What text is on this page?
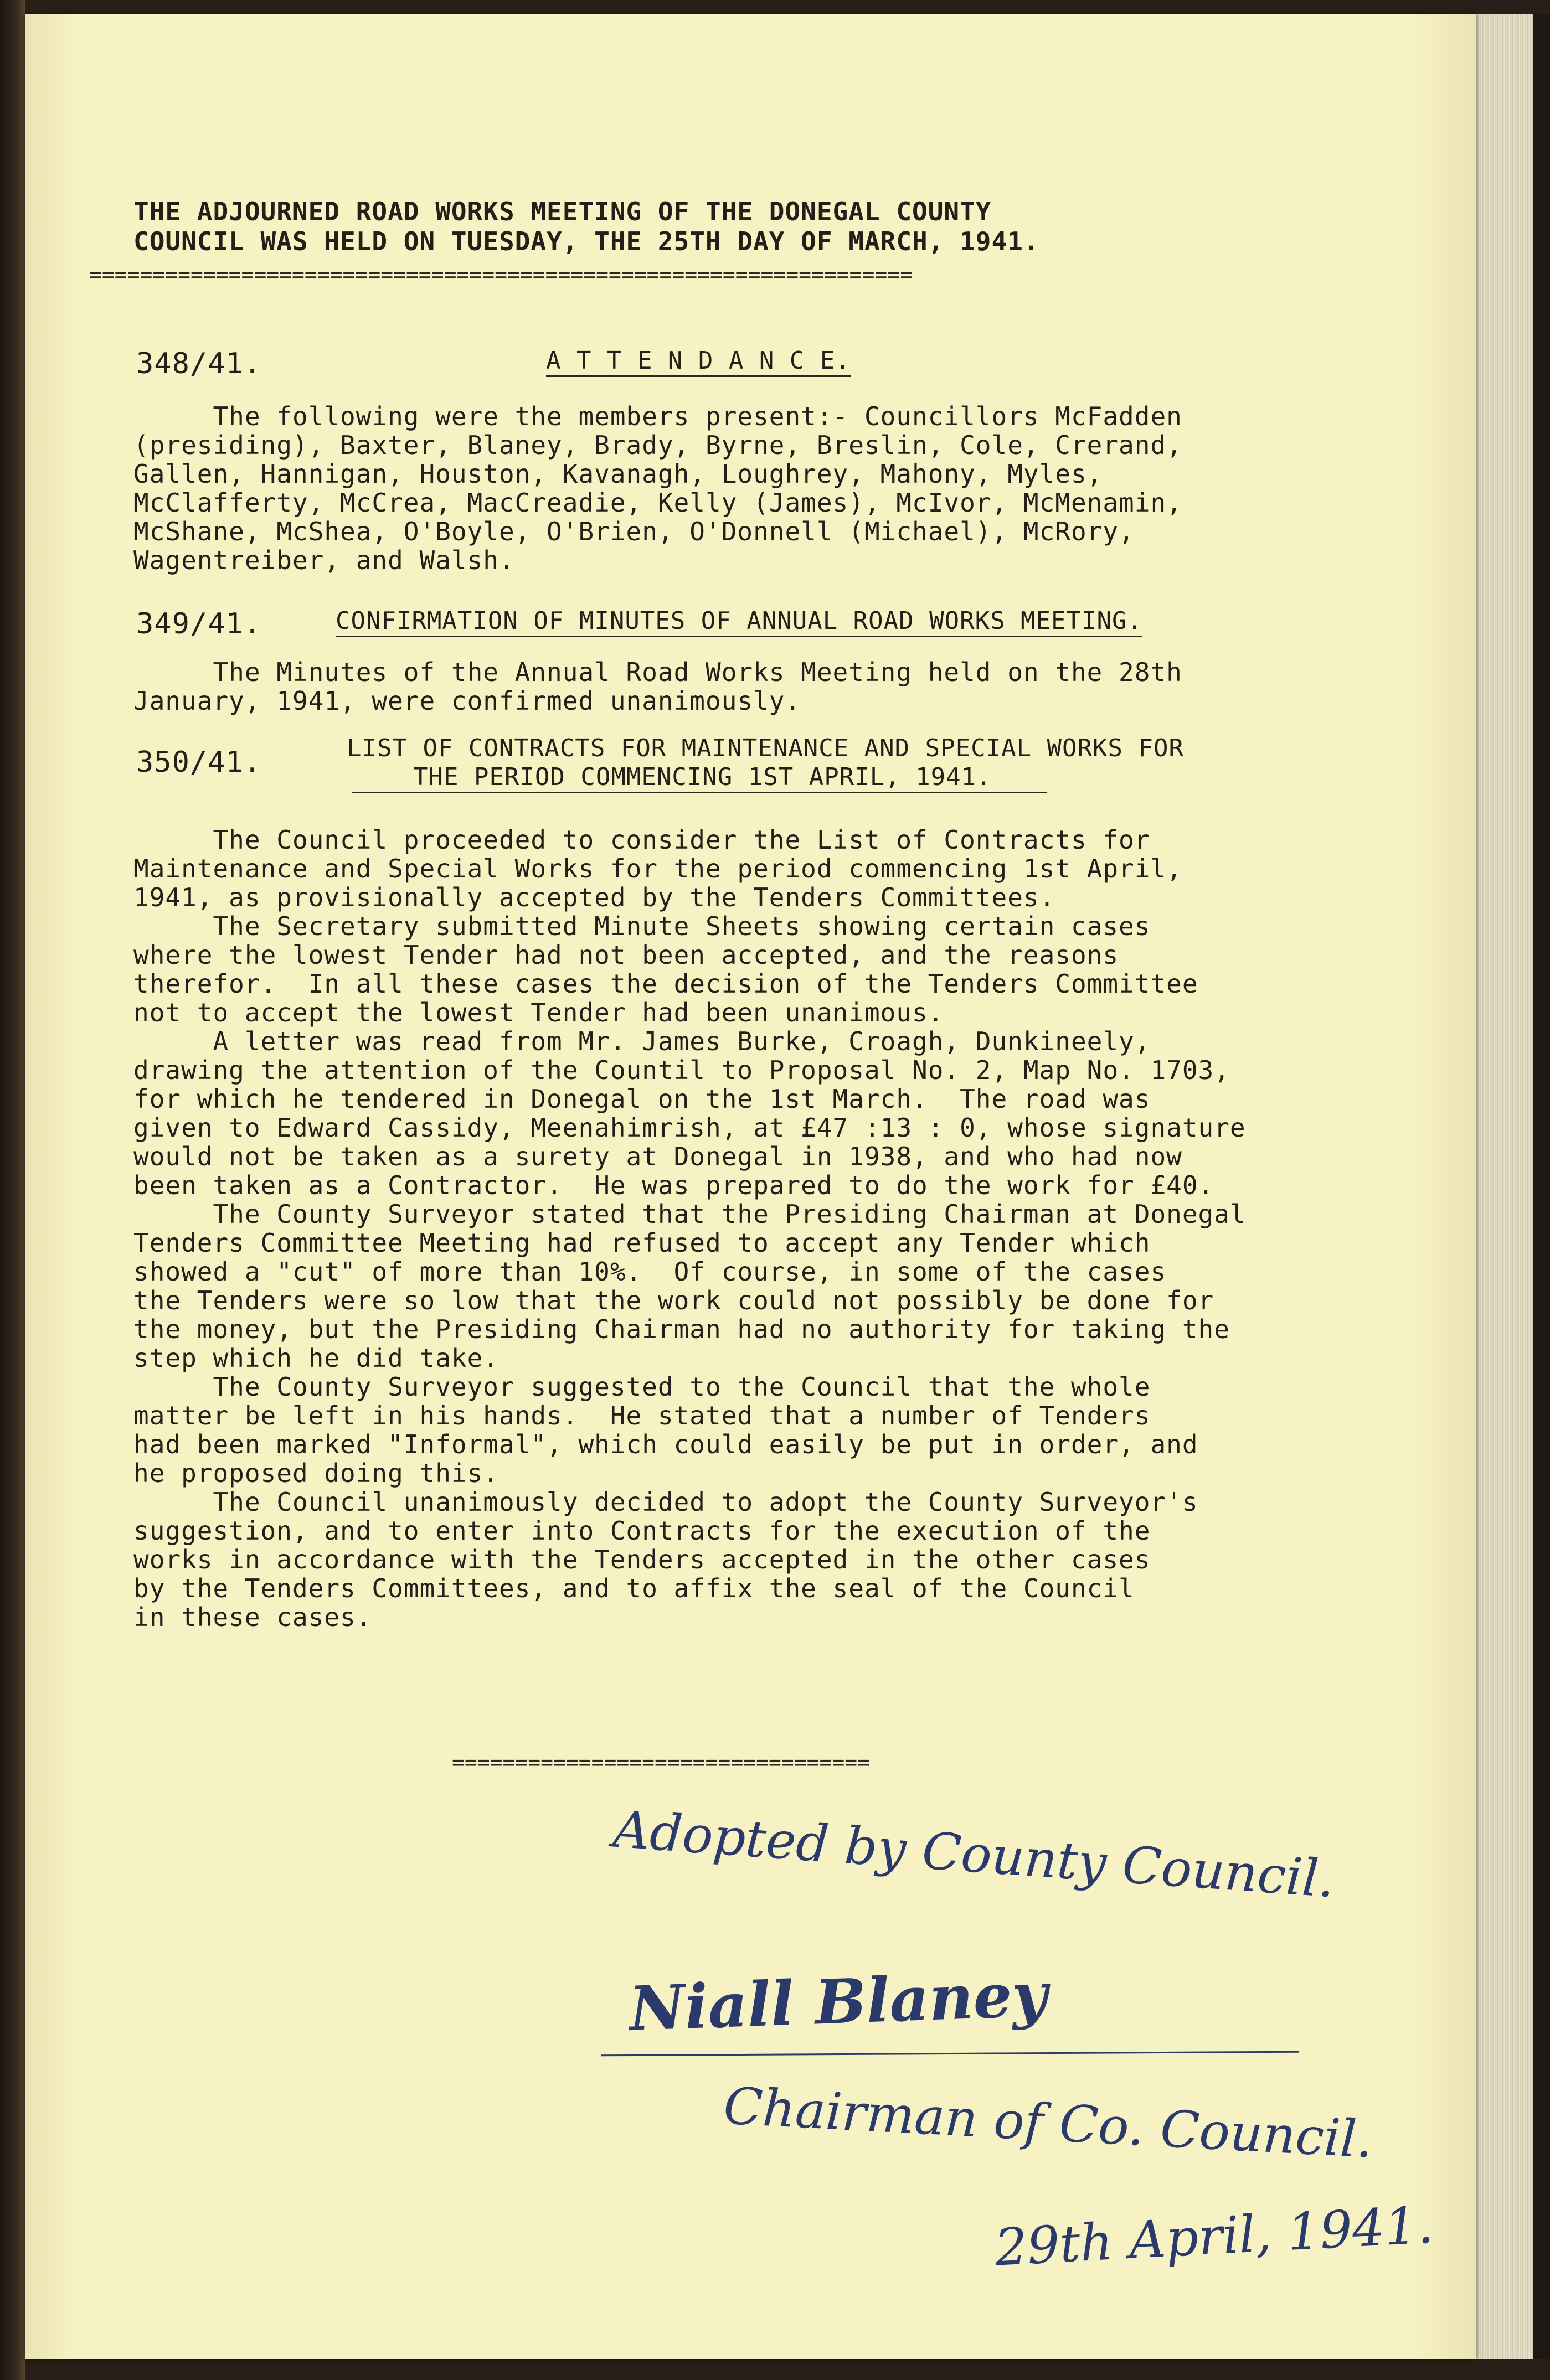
THE ADJOURNED ROAD WORKS MEETING OF THE DONEGAL COUNTY
COUNCIL WAS HELD ON TUESDAY, THE 25TH DAY OF MARCH, 1941.
=================================================================
348/41.	A T T E N D A N C E.
The following were the members present:- Councillors McFadden
(presiding), Baxter, Blaney, Brady, Byrne, Breslin, Cole, Crerand,
Gallen, Hannigan, Houston, Kavanagh, Loughrey, Mahony, Myles,
McClafferty, McCrea, MacCreadie, Kelly (James), McIvor, McMenamin,
McShane, McShea, O'Boyle, O'Brien, O'Donnell (Michael), McRory,
Wagentreiber, and Walsh.
349/41.	CONFIRMATION OF MINUTES OF ANNUAL ROAD WORKS MEETING.
The Minutes of the Annual Road Works Meeting held on the 28th
January, 1941, were confirmed unanimously.
350/41.	LIST OF CONTRACTS FOR MAINTENANCE AND SPECIAL WORKS FOR
THE PERIOD COMMENCING 1ST APRIL, 1941.
The Council proceeded to consider the List of Contracts for
Maintenance and Special Works for the period commencing 1st April,
1941, as provisionally accepted by the Tenders Committees.
The Secretary submitted Minute Sheets showing certain cases
where the lowest Tender had not been accepted, and the reasons
therefor.  In all these cases the decision of the Tenders Committee
not to accept the lowest Tender had been unanimous.
A letter was read from Mr. James Burke, Croagh, Dunkineely,
drawing the attention of the Countil to Proposal No. 2, Map No. 1703,
for which he tendered in Donegal on the 1st March.  The road was
given to Edward Cassidy, Meenahimrish, at £47 :13 : 0, whose signature
would not be taken as a surety at Donegal in 1938, and who had now
been taken as a Contractor.  He was prepared to do the work for £40.
The County Surveyor stated that the Presiding Chairman at Donegal
Tenders Committee Meeting had refused to accept any Tender which
showed a "cut" of more than 10%.  Of course, in some of the cases
the Tenders were so low that the work could not possibly be done for
the money, but the Presiding Chairman had no authority for taking the
step which he did take.
The County Surveyor suggested to the Council that the whole
matter be left in his hands.  He stated that a number of Tenders
had been marked "Informal", which could easily be put in order, and
he proposed doing this.
The Council unanimously decided to adopt the County Surveyor's
suggestion, and to enter into Contracts for the execution of the
works in accordance with the Tenders accepted in the other cases
by the Tenders Committees, and to affix the seal of the Council
in these cases.
=================================
Adopted by County Council.
Niall Blaney
Chairman of Co. Council.
29th April, 1941.
